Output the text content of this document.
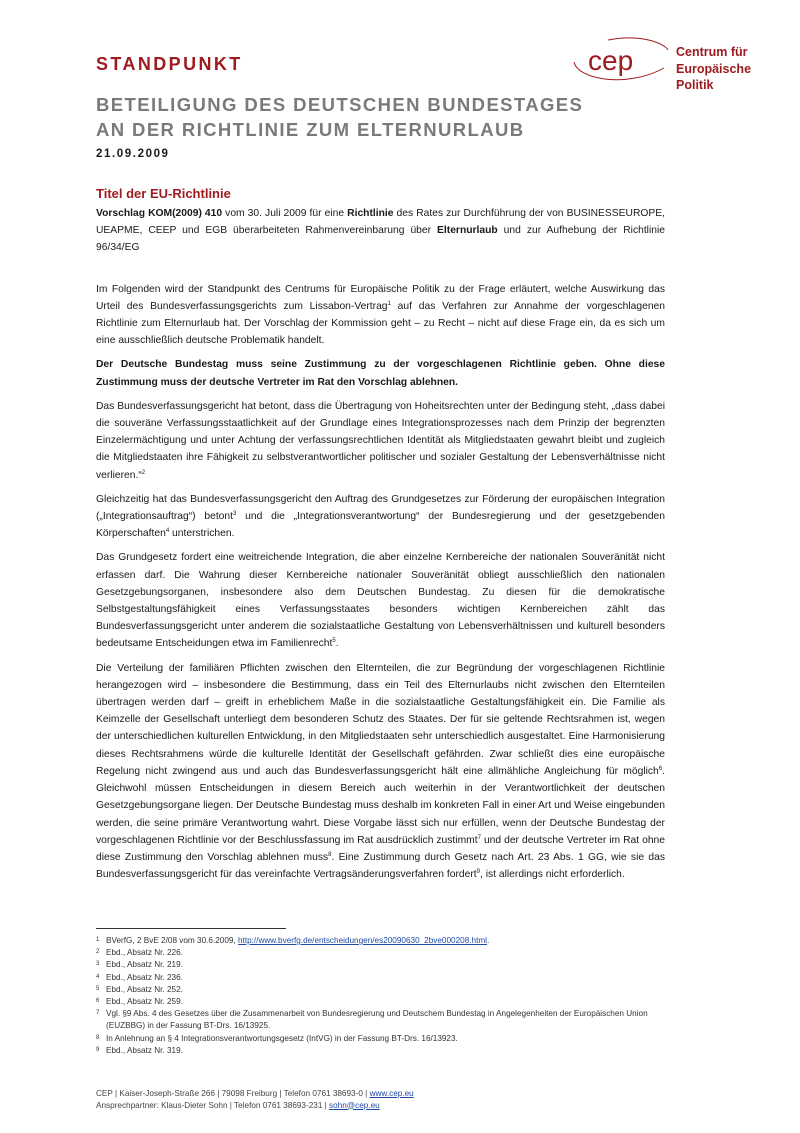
STANDPUNKT
BETEILIGUNG DES DEUTSCHEN BUNDESTAGES
AN DER RICHTLINIE ZUM ELTERNURLAUB
21.09.2009
cep	Centrum für
Europäische
Politik
Titel der EU-Richtlinie

Vorschlag KOM(2009) 410 vom 30. Juli 2009 für eine Richtlinie des Rates zur Durchführung der von BUSINESSEUROPE, UEAPME, CEEP und EGB überarbeiteten Rahmenvereinbarung über Elternurlaub und zur Aufhebung der Richtlinie 96/34/EG

Im Folgenden wird der Standpunkt des Centrums für Europäische Politik zu der Frage erläutert, welche Auswirkung das Urteil des Bundesverfassungsgerichts zum Lissabon-Vertrag$^1$ auf das Verfahren zur Annahme der vorgeschlagenen Richtlinie zum Elternurlaub hat. Der Vorschlag der Kommission geht – zu Recht – nicht auf diese Frage ein, da es sich um eine ausschließlich deutsche Problematik handelt.

Der Deutsche Bundestag muss seine Zustimmung zu der vorgeschlagenen Richtlinie geben. Ohne diese Zustimmung muss der deutsche Vertreter im Rat den Vorschlag ablehnen.

Das Bundesverfassungsgericht hat betont, dass die Übertragung von Hoheitsrechten unter der Bedingung steht, „dass dabei die souveräne Verfassungsstaatlichkeit auf der Grundlage eines Integrationsprozesses nach dem Prinzip der begrenzten Einzelermächtigung und unter Achtung der verfassungsrechtlichen Identität als Mitgliedstaaten gewahrt bleibt und zugleich die Mitgliedstaaten ihre Fähigkeit zu selbstverantwortlicher politischer und sozialer Gestaltung der Lebensverhältnisse nicht verlieren.“$^2$

Gleichzeitig hat das Bundesverfassungsgericht den Auftrag des Grundgesetzes zur Förderung der europäischen Integration („Integrationsauftrag“) betont$^3$ und die „Integrationsverantwortung“ der Bundesregierung und der gesetzgebenden Körperschaften$^4$ unterstrichen.

Das Grundgesetz fordert eine weitreichende Integration, die aber einzelne Kernbereiche der nationalen Souveränität nicht erfassen darf. Die Wahrung dieser Kernbereiche nationaler Souveränität obliegt ausschließlich den nationalen Gesetzgebungsorganen, insbesondere also dem Deutschen Bundestag. Zu diesen für die demokratische Selbstgestaltungsfähigkeit eines Verfassungsstaates besonders wichtigen Kernbereichen zählt das Bundesverfassungsgericht unter anderem die sozialstaatliche Gestaltung von Lebensverhältnissen und kulturell besonders bedeutsame Entscheidungen etwa im Familienrecht$^5$.

Die Verteilung der familiären Pflichten zwischen den Elternteilen, die zur Begründung der vorgeschlagenen Richtlinie herangezogen wird – insbesondere die Bestimmung, dass ein Teil des Elternurlaubs nicht zwischen den Elternteilen übertragen werden darf – greift in erheblichem Maße in die sozialstaatliche Gestaltungsfähigkeit ein. Die Familie als Keimzelle der Gesellschaft unterliegt dem besonderen Schutz des Staates. Der für sie geltende Rechtsrahmen ist, wegen der unterschiedlichen kulturellen Entwicklung, in den Mitgliedstaaten sehr unterschiedlich ausgestaltet. Eine Harmonisierung dieses Rechtsrahmens würde die kulturelle Identität der Gesellschaft gefährden. Zwar schließt dies eine europäische Regelung nicht zwingend aus und auch das Bundesverfassungsgericht hält eine allmähliche Angleichung für möglich$^6$. Gleichwohl müssen Entscheidungen in diesem Bereich auch weiterhin in der Verantwortlichkeit der deutschen Gesetzgebungsorgane liegen. Der Deutsche Bundestag muss deshalb im konkreten Fall in einer Art und Weise eingebunden werden, die seine primäre Verantwortung wahrt. Diese Vorgabe lässt sich nur erfüllen, wenn der Deutsche Bundestag der vorgeschlagenen Richtlinie vor der Beschlussfassung im Rat ausdrücklich zustimmt$^7$ und der deutsche Vertreter im Rat ohne diese Zustimmung den Vorschlag ablehnen muss$^8$. Eine Zustimmung durch Gesetz nach Art. 23 Abs. 1 GG, wie sie das Bundesverfassungsgericht für das vereinfachte Vertragsänderungsverfahren fordert$^9$, ist allerdings nicht erforderlich.

1 BVerfG, 2 BvE 2/08 vom 30.6.2009, http://www.bverfg.de/entscheidungen/es20090630_2bve000208.html.
2 Ebd., Absatz Nr. 226.
3 Ebd., Absatz Nr. 219.
4 Ebd., Absatz Nr. 236.
5 Ebd., Absatz Nr. 252.
6 Ebd., Absatz Nr. 259.
7 Vgl. §9 Abs. 4 des Gesetzes über die Zusammenarbeit von Bundesregierung und Deutschem Bundestag in Angelegenheiten der Europäischen Union (EUZBBG) in der Fassung BT-Drs. 16/13925.
8 In Anlehnung an § 4 Integrationsverantwortungsgesetz (IntVG) in der Fassung BT-Drs. 16/13923.
9 Ebd., Absatz Nr. 319.
CEP | Kaiser-Joseph-Straße 266 | 79098 Freiburg | Telefon 0761 38693-0 | www.cep.eu
Ansprechpartner: Klaus-Dieter Sohn | Telefon 0761 38693-231 | sohn@cep.eu
